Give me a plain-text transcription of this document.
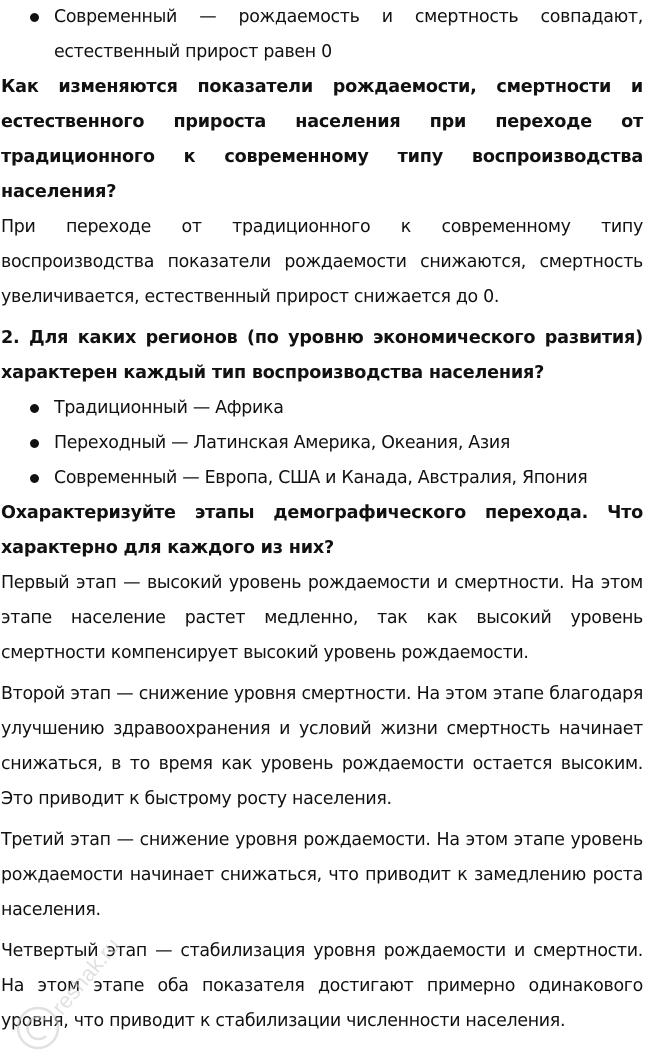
Современный — рождаемость и смертность совпадают, естественный прирост равен 0
Как изменяются показатели рождаемости, смертности и естественного прироста населения при переходе от традиционного к современному типу воспроизводства населения?

При переходе от традиционного к современному типу воспроизводства показатели рождаемости снижаются, смертность увеличивается, естественный прирост снижается до 0.

2. Для каких регионов (по уровню экономического развития) характерен каждый тип воспроизводства населения?
Традиционный — Африка
Переходный — Латинская Америка, Океания, Азия
Современный — Европа, США и Канада, Австралия, Япония
Охарактеризуйте этапы демографического перехода. Что характерно для каждого из них?

Первый этап — высокий уровень рождаемости и смертности. На этом этапе население растет медленно, так как высокий уровень смертности компенсирует высокий уровень рождаемости.

Второй этап — снижение уровня смертности. На этом этапе благодаря улучшению здравоохранения и условий жизни смертность начинает снижаться, в то время как уровень рождаемости остается высоким. Это приводит к быстрому росту населения.

Третий этап — снижение уровня рождаемости. На этом этапе уровень рождаемости начинает снижаться, что приводит к замедлению роста населения.

Четвертый этап — стабилизация уровня рождаемости и смертности. На этом этапе оба показателя достигают примерно одинакового уровня, что приводит к стабилизации численности населения.

reshak.ru
